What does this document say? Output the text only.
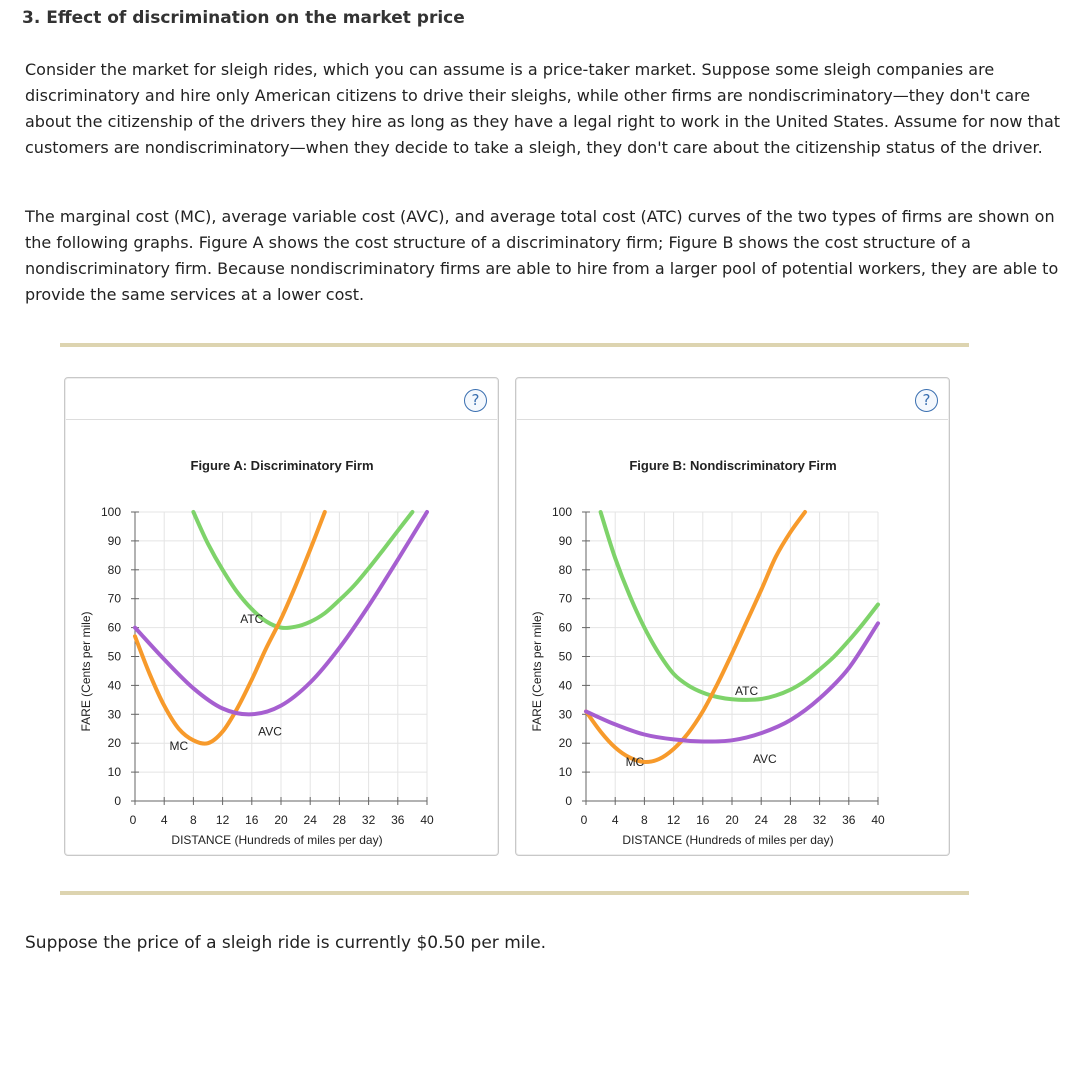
3. Effect of discrimination on the market price

Consider the market for sleigh rides, which you can assume is a price-taker market. Suppose some sleigh companies are discriminatory and hire only American citizens to drive their sleighs, while other firms are nondiscriminatory—they don't care about the citizenship of the drivers they hire as long as they have a legal right to work in the United States. Assume for now that customers are nondiscriminatory—when they decide to take a sleigh, they don't care about the citizenship status of the driver.

The marginal cost (MC), average variable cost (AVC), and average total cost (ATC) curves of the two types of firms are shown on the following graphs. Figure A shows the cost structure of a discriminatory firm; Figure B shows the cost structure of a nondiscriminatory firm. Because nondiscriminatory firms are able to hire from a larger pool of potential workers, they are able to provide the same services at a lower cost.

?
Figure A: Discriminatory Firm
0
10
20
30
40
50
60
70
80
90
100
0 4 8 12 16 20 24 28 32 36 40
DISTANCE (Hundreds of miles per day)
FARE (Cents per mile)	ATC
MC
AVC
?
Figure B: Nondiscriminatory Firm
0
10
20
30
40
50
60
70
80
90
100
0 4 8 12 16 20 24 28 32 36 40
DISTANCE (Hundreds of miles per day)
FARE (Cents per mile)	ATC
MC	AVC
Suppose the price of a sleigh ride is currently $0.50 per mile.
